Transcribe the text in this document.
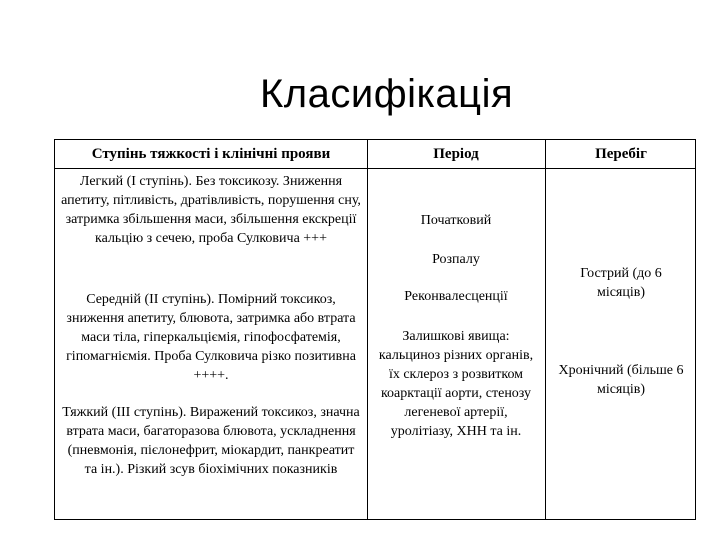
Класифікація
Ступінь тяжкості і клінічні прояви	Період	Перебіг
Легкий (І ступінь). Без токсикозу. Зниження апетиту, пітливість, дратівливість, порушення сну, затримка збільшення маси, збільшення екскреції кальцію з сечею, проба Сулковича +++
Середній (ІІ ступінь). Помірний токсикоз, зниження апетиту, блювота, затримка або втрата маси тіла, гіперкальціємія, гіпофосфатемія, гіпомагніємія. Проба Сулковича різко позитивна ++++.
Тяжкий (ІІІ ступінь). Виражений токсикоз, значна втрата маси, багаторазова блювота, ускладнення (пневмонія, пієлонефрит, міокардит, панкреатит та ін.). Різкий зсув біохімічних показників
Початковий
Розпалу
Реконвалесценції
Залишкові явища: кальциноз різних органів, їх склероз з розвитком коарктації аорти, стенозу легеневої артерії, уролітіазу, ХНН та ін.
Гострий (до 6 місяців)
Хронічний (більше 6 місяців)
